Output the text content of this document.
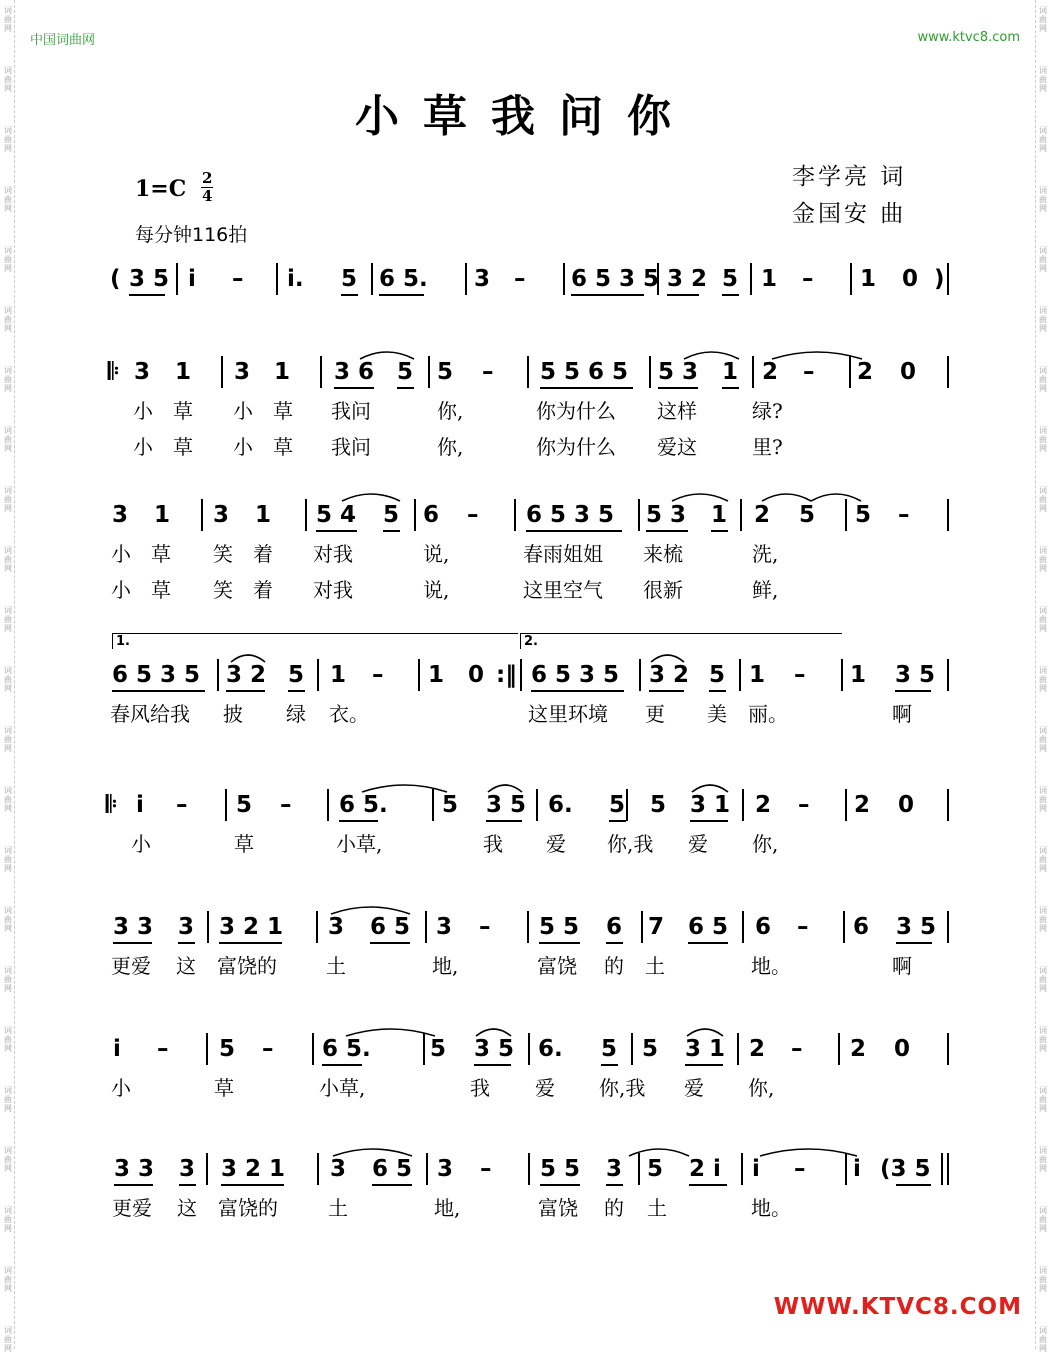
中国词曲网	www.ktvc8.com
小草我问你
1=C 2
4
每分钟116拍
李学亮 词
金国安 曲
词
曲
网
词
曲
网
词
曲
网
词
曲
网
词
曲
网
词
曲
网
词
曲
网
词
曲
网
词
曲
网
词
曲
网
词
曲
网
词
曲
网
词
曲
网
词
曲
网
词
曲
网
词
曲
网
词
曲
网
词
曲
网
词
曲
网
词
曲
网
词
曲
网
词
曲
网
词
曲
网
词
曲
网
词
曲
网
词
曲
网
词
曲
网
词
曲
网
词
曲
网
词
曲
网
词
曲
网
词
曲
网
词
曲
网
词
曲
网
词
曲
网
词
曲
网
词
曲
网
词
曲
网
词
曲
网
词
曲
网
词
曲
网
词
曲
网
词
曲
网
词
曲
网
词
曲
网
词
曲
网
( 3 5 i – i. 5 6 5. 3 – 6 5 3 5 3 2 5 1 – 1 0 )
𝄆 3 1 3 1 3 6 5 5 – 5 5 6 5 5 3 1 2 – 2 0
小 草 小 草 我问	你,	你为什么 这样	绿?
小 草 小 草 我问	你,	你为什么 爱这	里?
3 1 3 1 5 4 5 6 – 6 5 3 5 5 3 1 2 5 5 –
小 草 笑 着 对我	说,	春雨姐姐 来梳	洗,
小 草 笑 着 对我	说,	这里空气 很新	鲜,
6 5 3 5 3 2 5 1 – 1 0 :‖ 6 5 3 5 3 2 5 1 – 1 3 5
春风给我 披 绿 衣。	这里环境 更 美 丽。	啊
𝄆 i – 5 – 6 5. 5 3 5 6. 5 5 3 1 2 – 2 0
小	草	小草,	我 爱 你,我 爱 你,
3 3 3 3 2 1 3 6 5 3 – 5 5 6 7 6 5 6 – 6 3 5
更爱 这 富饶的 土	地,	富饶 的 土	地。	啊
i – 5 – 6 5.	5 3 5 6. 5 5 3 1 2 – 2 0
小	草	小草,	我 爱 你,我 爱 你,
3 3 3 3 2 1 3 6 5 3 – 5 5 3 5 2 i i – i (3 5
更爱 这 富饶的	土	地,	富饶 的 土	地。
1.	2.
WWW.KTVC8.COM
